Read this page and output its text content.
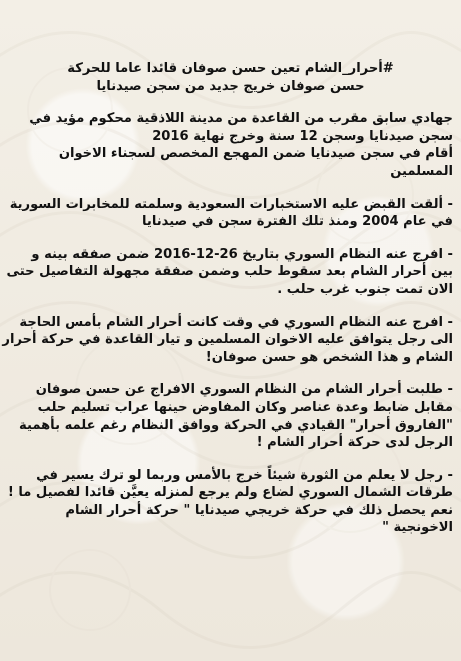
#أحرار_الشام تعين حسن صوفان قائدا عاما للحركة
حسن صوفان خريج جديد من سجن صيدنايا
جهادي سابق مقرب من القاعدة من مدينة اللاذقية محكوم مؤيد في
سجن صيدنايا وسجن 12 سنة وخرج نهاية 2016
أقام في سجن صيدنايا ضمن المهجع المخصص لسجناء الاخوان
المسلمين
- ألقت القبض عليه الاستخبارات السعودية وسلمته للمخابرات السورية
في عام 2004 ومنذ تلك الفترة سجن في صيدنايا
- افرج عنه النظام السوري بتاريخ 26-12-2016 ضمن صفقه بينه و
بين أحرار الشام بعد سقوط حلب وضمن صفقة مجهولة التفاصيل حتى
الان تمت جنوب غرب حلب .
- افرج عنه النظام السوري في وقت كانت أحرار الشام بأمس الحاجة
الى رجل يتوافق عليه الاخوان المسلمين و تيار القاعدة في حركة أحرار
الشام و هذا الشخص هو حسن صوفان!
- طلبت أحرار الشام من النظام السوري الافراج عن حسن صوفان
مقابل ضابط وعدة عناصر وكان المفاوض حينها عراب تسليم حلب
"الفاروق أحرار" القيادي في الحركة ووافق النظام رغم علمه بأهمية
الرجل لدى حركة أحرار الشام !
- رجل لا يعلم من الثورة شيئاً خرج بالأمس وربما لو ترك يسير في
طرقات الشمال السوري لضاع ولم يرجع لمنزله يعيَّن قائدا لفصيل ما !
نعم يحصل ذلك في حركة خريجي صيدنايا " حركة أحرار الشام
الاخونجية "
